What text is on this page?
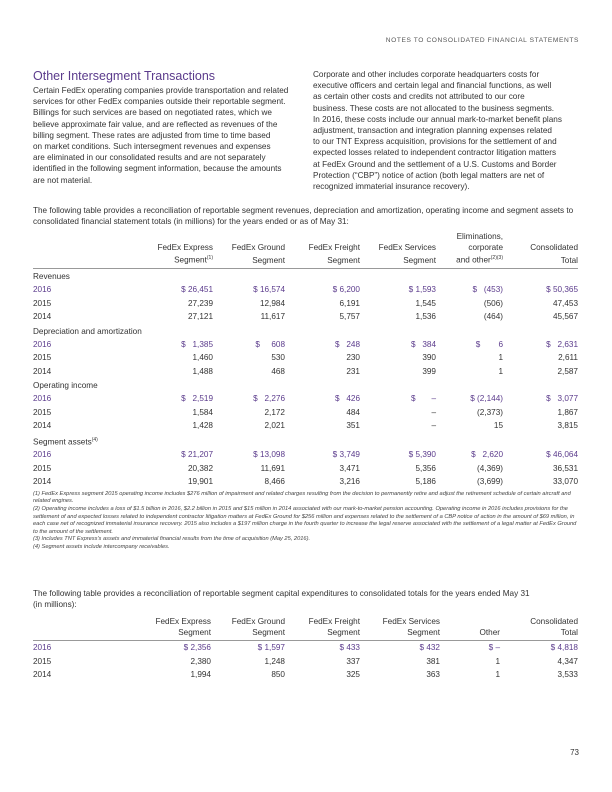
NOTES TO CONSOLIDATED FINANCIAL STATEMENTS
Other Intersegment Transactions
Certain FedEx operating companies provide transportation and related
services for other FedEx companies outside their reportable segment.
Billings for such services are based on negotiated rates, which we
believe approximate fair value, and are reflected as revenues of the
billing segment. These rates are adjusted from time to time based
on market conditions. Such intersegment revenues and expenses
are eliminated in our consolidated results and are not separately
identified in the following segment information, because the amounts
are not material.
Corporate and other includes corporate headquarters costs for
executive officers and certain legal and financial functions, as well
as certain other costs and credits not attributed to our core
business. These costs are not allocated to the business segments.
In 2016, these costs include our annual mark-to-market benefit plans
adjustment, transaction and integration planning expenses related
to our TNT Express acquisition, provisions for the settlement of and
expected losses related to independent contractor litigation matters
at FedEx Ground and the settlement of a U.S. Customs and Border
Protection (“CBP”) notice of action (both legal matters are net of
recognized immaterial insurance recovery).
The following table provides a reconciliation of reportable segment revenues, depreciation and amortization, operating income and segment assets to
consolidated financial statement totals (in millions) for the years ended or as of May 31:
					Eliminations,	
	FedEx Express	FedEx Ground	FedEx Freight	FedEx Services	corporate	Consolidated
	Segment$^{(1)}$	Segment	Segment	Segment	and other$^{(2)(3)}$	Total
Revenues						
2016	$ 26,451	$ 16,574	$ 6,200	$ 1,593	$   (453)	$ 50,365
2015	27,239	12,984	6,191	1,545	(506)	47,453
2014	27,121	11,617	5,757	1,536	(464)	45,567
Depreciation and amortization						
2016	$   1,385	$     608	$   248	$   384	$        6	$   2,631
2015	1,460	530	230	390	1	2,611
2014	1,488	468	231	399	1	2,587
Operating income						
2016	$   2,519	$   2,276	$   426	$       –	$ (2,144)	$   3,077
2015	1,584	2,172	484	–	(2,373)	1,867
2014	1,428	2,021	351	–	15	3,815
Segment assets$^{(4)}$
2016	$ 21,207	$ 13,098	$ 3,749	$ 5,390	$   2,620	$ 46,064
2015	20,382	11,691	3,471	5,356	(4,369)	36,531
2014	19,901	8,466	3,216	5,186	(3,699)	33,070
(1) FedEx Express segment 2015 operating income includes $276 million of impairment and related charges resulting from the decision to permanently retire and adjust the retirement schedule of certain aircraft and related engines.
(2) Operating income includes a loss of $1.5 billion in 2016, $2.2 billion in 2015 and $15 million in 2014 associated with our mark-to-market pension accounting. Operating income in 2016 includes provisions for the settlement of and expected losses related to independent contractor litigation matters at FedEx Ground for $256 million and expenses related to the settlement of a CBP notice of action in the amount of $69 million, in each case net of recognized immaterial insurance recovery. 2015 also includes a $197 million charge in the fourth quarter to increase the legal reserve associated with the settlement of a legal matter at FedEx Ground to the amount of the settlement.
(3) Includes TNT Express's assets and immaterial financial results from the time of acquisition (May 25, 2016).
(4) Segment assets include intercompany receivables.
The following table provides a reconciliation of reportable segment capital expenditures to consolidated totals for the years ended May 31
(in millions):
	FedEx Express	FedEx Ground	FedEx Freight	FedEx Services		Consolidated
	Segment	Segment	Segment	Segment	Other	Total
2016	$ 2,356	$ 1,597	$ 433	$ 432	$ –	$ 4,818
2015	2,380	1,248	337	381	1	4,347
2014	1,994	850	325	363	1	3,533
73
